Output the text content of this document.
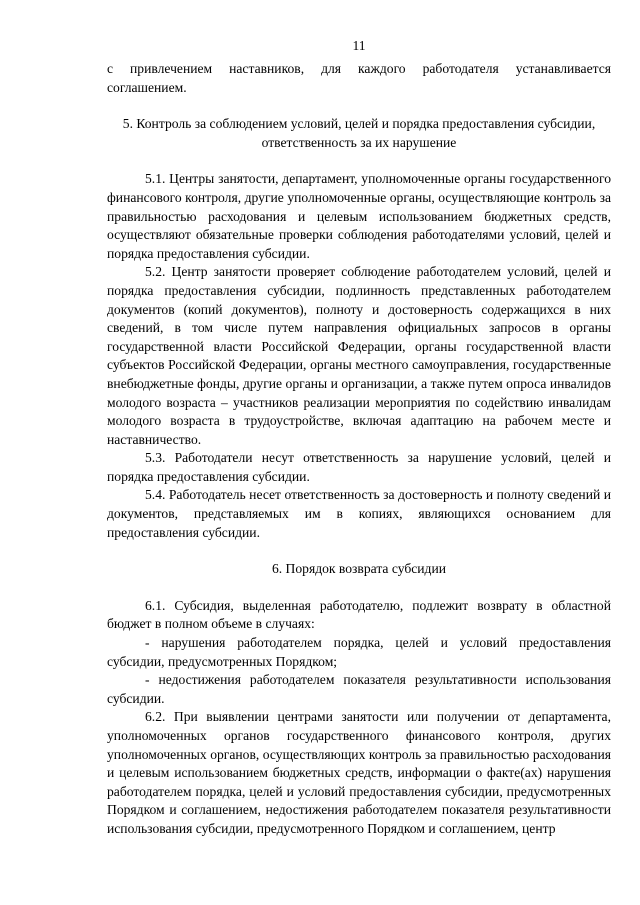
11

с привлечением наставников, для каждого работодателя устанавливается соглашением.

5. Контроль за соблюдением условий, целей и порядка предоставления субсидии, ответственность за их нарушение

5.1. Центры занятости, департамент, уполномоченные органы государственного финансового контроля, другие уполномоченные органы, осуществляющие контроль за правильностью расходования и целевым использованием бюджетных средств, осуществляют обязательные проверки соблюдения работодателями условий, целей и порядка предоставления субсидии.

5.2. Центр занятости проверяет соблюдение работодателем условий, целей и порядка предоставления субсидии, подлинность представленных работодателем документов (копий документов), полноту и достоверность содержащихся в них сведений, в том числе путем направления официальных запросов в органы государственной власти Российской Федерации, органы государственной власти субъектов Российской Федерации, органы местного самоуправления, государственные внебюджетные фонды, другие органы и организации, а также путем опроса инвалидов молодого возраста – участников реализации мероприятия по содействию инвалидам молодого возраста в трудоустройстве, включая адаптацию на рабочем месте и наставничество.

5.3. Работодатели несут ответственность за нарушение условий, целей и порядка предоставления субсидии.

5.4. Работодатель несет ответственность за достоверность и полноту сведений и документов, представляемых им в копиях, являющихся основанием для предоставления субсидии.

6. Порядок возврата субсидии

6.1. Субсидия, выделенная работодателю, подлежит возврату в областной бюджет в полном объеме в случаях:

- нарушения работодателем порядка, целей и условий предоставления субсидии, предусмотренных Порядком;

- недостижения работодателем показателя результативности использования субсидии.

6.2. При выявлении центрами занятости или получении от департамента, уполномоченных органов государственного финансового контроля, других уполномоченных органов, осуществляющих контроль за правильностью расходования и целевым использованием бюджетных средств, информации о факте(ах) нарушения работодателем порядка, целей и условий предоставления субсидии, предусмотренных Порядком и соглашением, недостижения работодателем показателя результативности использования субсидии, предусмотренного Порядком и соглашением, центр
